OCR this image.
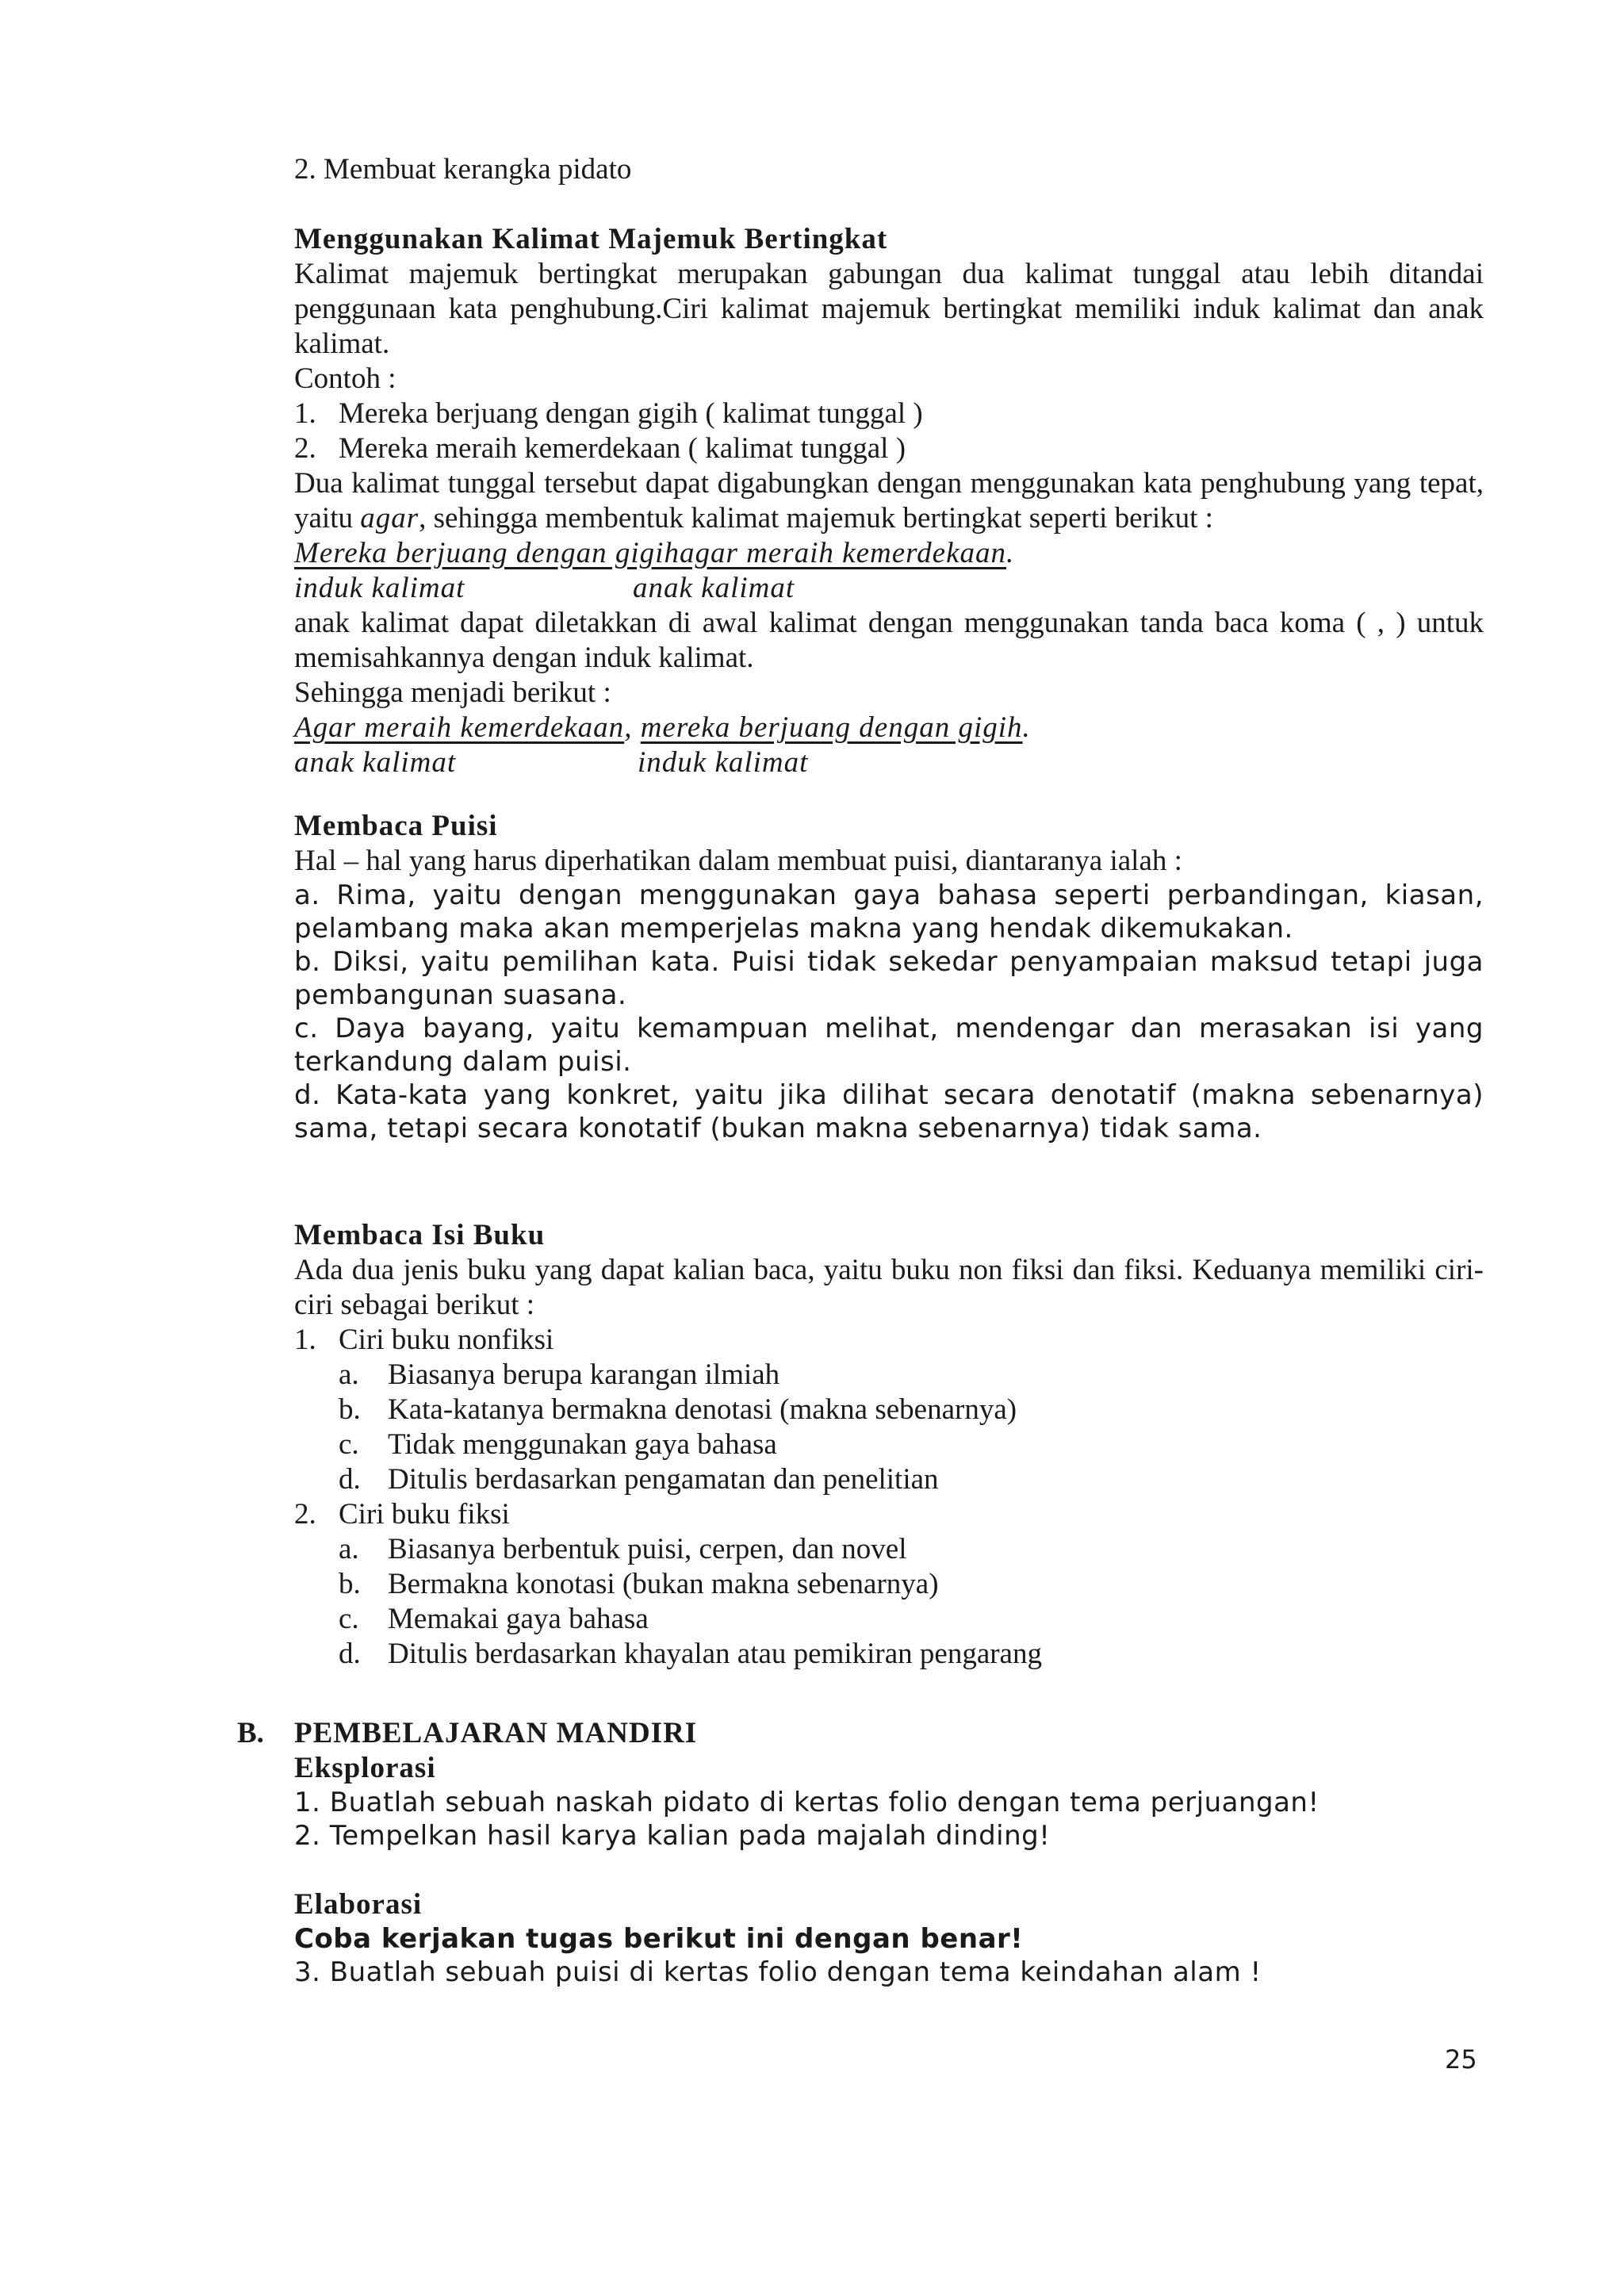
2. Membuat kerangka pidato
Menggunakan Kalimat Majemuk Bertingkat

Kalimat majemuk bertingkat merupakan gabungan dua kalimat tunggal atau lebih ditandai penggunaan kata penghubung.Ciri kalimat majemuk bertingkat memiliki induk kalimat dan anak kalimat.

Contoh :
1. Mereka berjuang dengan gigih ( kalimat tunggal )
2. Mereka meraih kemerdekaan ( kalimat tunggal )

Dua kalimat tunggal tersebut dapat digabungkan dengan menggunakan kata penghubung yang tepat, yaitu agar, sehingga membentuk kalimat majemuk bertingkat seperti berikut :

Mereka berjuang dengan gigihagar meraih kemerdekaan.
induk kalimat	anak kalimat

anak kalimat dapat diletakkan di awal kalimat dengan menggunakan tanda baca koma ( , ) untuk memisahkannya dengan induk kalimat.

Sehingga menjadi berikut :
Agar meraih kemerdekaan, mereka berjuang dengan gigih.
anak kalimat	induk kalimat
Membaca Puisi
Hal – hal yang harus diperhatikan dalam membuat puisi, diantaranya ialah :

a. Rima, yaitu dengan menggunakan gaya bahasa seperti perbandingan, kiasan, pelambang maka akan memperjelas makna yang hendak dikemukakan.

b. Diksi, yaitu pemilihan kata. Puisi tidak sekedar penyampaian maksud tetapi juga pembangunan suasana.

c. Daya bayang, yaitu kemampuan melihat, mendengar dan merasakan isi yang terkandung dalam puisi.

d. Kata-kata yang konkret, yaitu jika dilihat secara denotatif (makna sebenarnya) sama, tetapi secara konotatif (bukan makna sebenarnya) tidak sama.

Membaca Isi Buku

Ada dua jenis buku yang dapat kalian baca, yaitu buku non fiksi dan fiksi. Keduanya memiliki ciri-ciri sebagai berikut :

1. Ciri buku nonfiksi
a. Biasanya berupa karangan ilmiah
b. Kata-katanya bermakna denotasi (makna sebenarnya)
c. Tidak menggunakan gaya bahasa
d. Ditulis berdasarkan pengamatan dan penelitian
2. Ciri buku fiksi
a. Biasanya berbentuk puisi, cerpen, dan novel
b. Bermakna konotasi (bukan makna sebenarnya)
c. Memakai gaya bahasa
d. Ditulis berdasarkan khayalan atau pemikiran pengarang
B. PEMBELAJARAN MANDIRI
Eksplorasi
1. Buatlah sebuah naskah pidato di kertas folio dengan tema perjuangan!
2. Tempelkan hasil karya kalian pada majalah dinding!
Elaborasi
Coba kerjakan tugas berikut ini dengan benar!
3. Buatlah sebuah puisi di kertas folio dengan tema keindahan alam !
25
